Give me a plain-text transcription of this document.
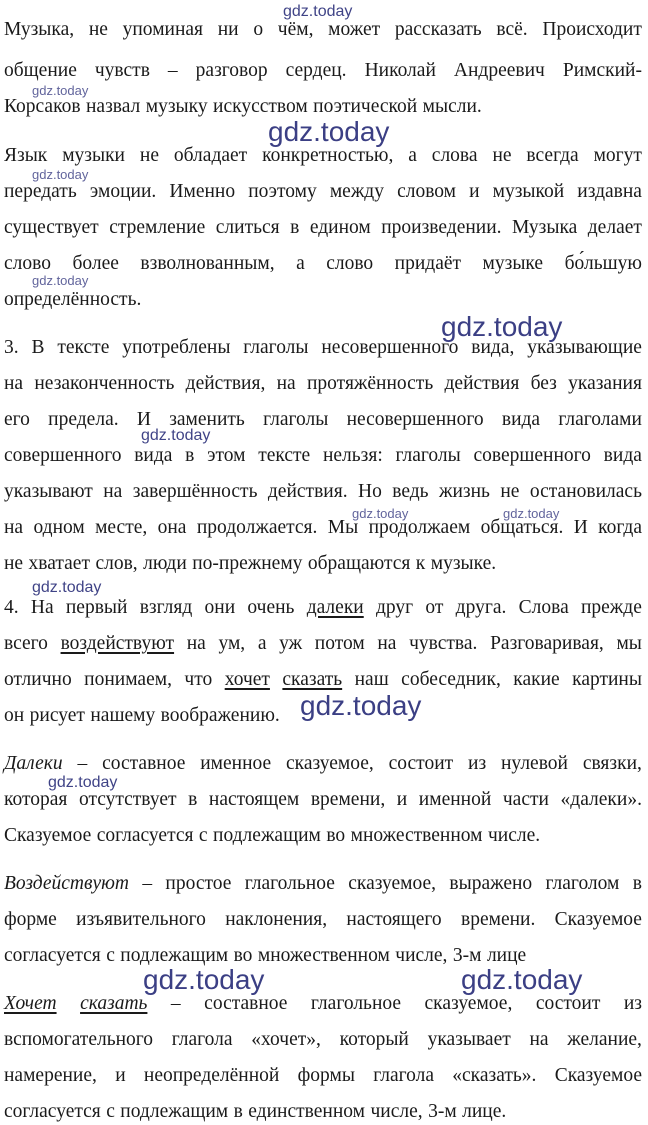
согласуется с подлежащим в единственном числе, 3-м лице.
намерение, и неопределённой формы глагола «сказать». Сказуемое
вспомогательного глагола «хочет», который указывает на желание,
Хочет сказать – составное глагольное сказуемое, состоит из
согласуется с подлежащим во множественном числе, 3-м лице
форме изъявительного наклонения, настоящего времени. Сказуемое
Воздействуют – простое глагольное сказуемое, выражено глаголом в
Сказуемое согласуется с подлежащим во множественном числе.
которая отсутствует в настоящем времени, и именной части «далеки».
Далеки – составное именное сказуемое, состоит из нулевой связки,
он рисует нашему воображению.
отлично понимаем, что хочет сказать наш собеседник, какие картины
всего воздействуют на ум, а уж потом на чувства. Разговаривая, мы
4. На первый взгляд они очень далеки друг от друга. Слова прежде
не хватает слов, люди по-прежнему обращаются к музыке.
на одном месте, она продолжается. Мы продолжаем общаться. И когда
указывают на завершённость действия. Но ведь жизнь не остановилась
совершенного вида в этом тексте нельзя: глаголы совершенного вида
его предела. И заменить глаголы несовершенного вида глаголами
на незаконченность действия, на протяжённость действия без указания
3. В тексте употреблены глаголы несовершенного вида, указывающие
определённость.
слово более взволнованным, а слово придаёт музыке бо́льшую
существует стремление слиться в едином произведении. Музыка делает
передать эмоции. Именно поэтому между словом и музыкой издавна
Язык музыки не обладает конкретностью, а слова не всегда могут
Корсаков назвал музыку искусством поэтической мысли.
общение чувств – разговор сердец. Николай Андреевич Римский-
Музыка, не упоминая ни о чём, может рассказать всё. Происходит
gdz.today
gdz.today
gdz.today
gdz.today
gdz.today
gdz.today
gdz.today
gdz.today	gdz.today
gdz.today
gdz.today
gdz.today
gdz.today	gdz.today
